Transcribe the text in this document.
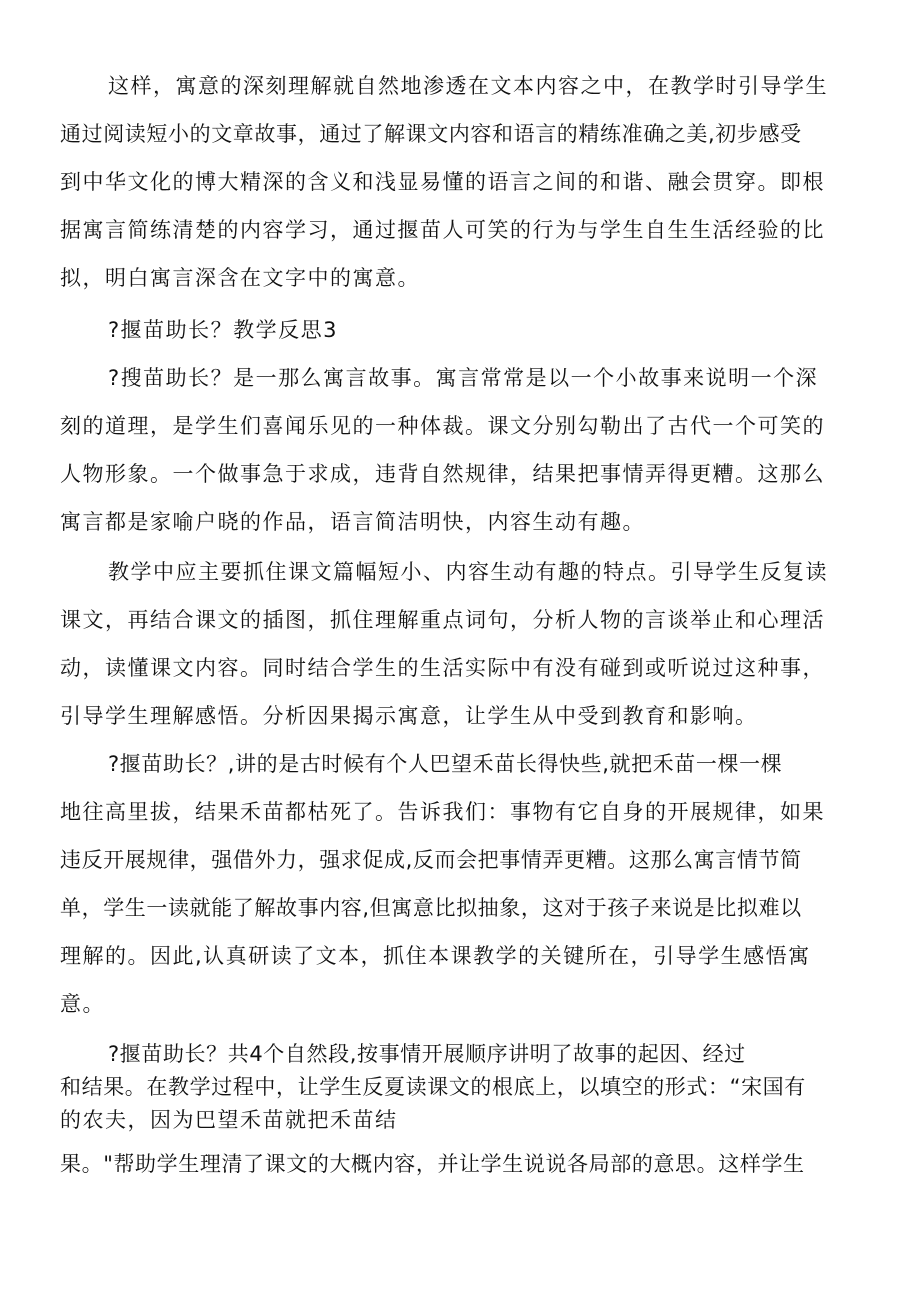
这样，寓意的深刻理解就自然地渗透在文本内容之中，在教学时引导学生
通过阅读短小的文章故事，通过了解课文内容和语言的精练准确之美,初步感受
到中华文化的博大精深的含义和浅显易懂的语言之间的和谐、融会贯穿。即根
据寓言简练清楚的内容学习，通过揠苗人可笑的行为与学生自生生活经验的比
拟，明白寓言深含在文字中的寓意。
?揠苗助长？教学反思3
?搜苗助长？是一那么寓言故事。寓言常常是以一个小故事来说明一个深
刻的道理，是学生们喜闻乐见的一种体裁。课文分别勾勒出了古代一个可笑的
人物形象。一个做事急于求成，违背自然规律，结果把事情弄得更糟。这那么
寓言都是家喻户晓的作品，语言简洁明快，内容生动有趣。
教学中应主要抓住课文篇幅短小、内容生动有趣的特点。引导学生反复读
课文，再结合课文的插图，抓住理解重点词句，分析人物的言谈举止和心理活
动，读懂课文内容。同时结合学生的生活实际中有没有碰到或听说过这种事，
引导学生理解感悟。分析因果揭示寓意，让学生从中受到教育和影响。
?揠苗助长？,讲的是古时候有个人巴望禾苗长得快些,就把禾苗一棵一棵
地往高里拔，结果禾苗都枯死了。告诉我们：事物有它自身的开展规律，如果
违反开展规律，强借外力，强求促成,反而会把事情弄更糟。这那么寓言情节简
单，学生一读就能了解故事内容,但寓意比拟抽象，这对于孩子来说是比拟难以
理解的。因此,认真研读了文本，抓住本课教学的关键所在，引导学生感悟寓
意。
?揠苗助长？共4个自然段,按事情开展顺序讲明了故事的起因、经过
和结果。在教学过程中，让学生反夏读课文的根底上，以填空的形式：“宋国有
的农夫，因为巴望禾苗就把禾苗结
果。"帮助学生理清了课文的大概内容，并让学生说说各局部的意思。这样学生
